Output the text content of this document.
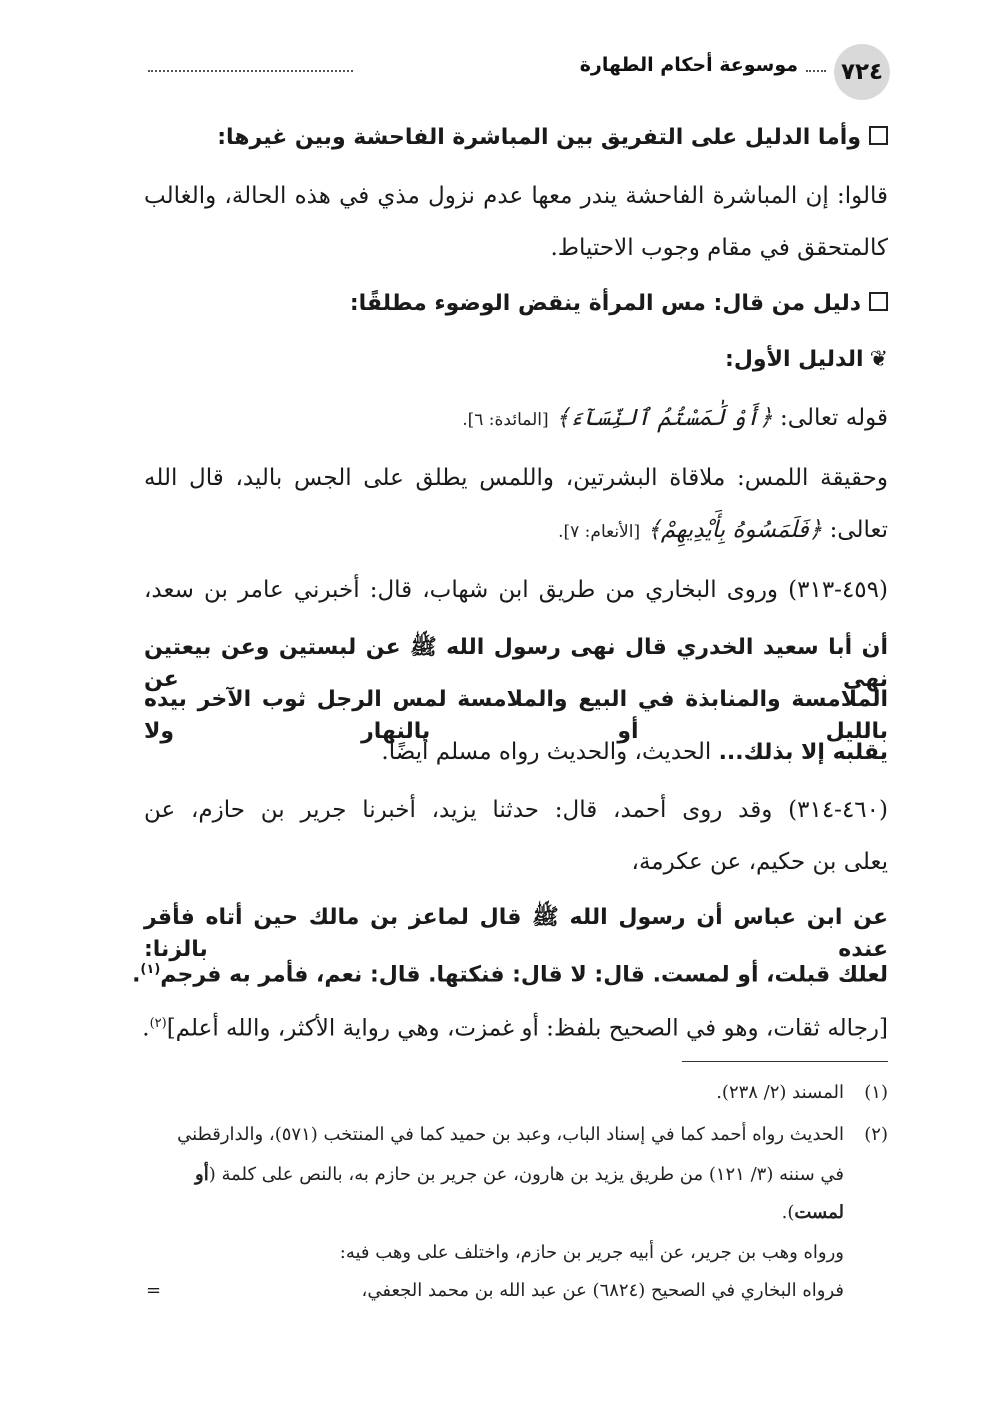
٧٢٤
موسوعة أحكام الطهارة

وأما الدليل على التفريق بين المباشرة الفاحشة وبين غيرها:

قالوا: إن المباشرة الفاحشة يندر معها عدم نزول مذي في هذه الحالة، والغالب

كالمتحقق في مقام وجوب الاحتياط.

دليل من قال: مس المرأة ينقض الوضوء مطلقًا:

❦الدليل الأول:

قوله تعالى: ﴿أَوْ لَٰمَسْتُمُ ٱلنِّسَآءَ﴾ [المائدة: ٦].

وحقيقة اللمس: ملاقاة البشرتين، واللمس يطلق على الجس باليد، قال الله

تعالى: ﴿فَلَمَسُوهُ بِأَيْدِيهِمْ﴾ [الأنعام: ٧].

(٤٥٩-٣١٣) وروى البخاري من طريق ابن شهاب، قال: أخبرني عامر بن سعد،

أن أبا سعيد الخدري قال نهى رسول الله ﷺ عن لبستين وعن بيعتين نهى عن

الملامسة والمنابذة في البيع والملامسة لمس الرجل ثوب الآخر بيده بالليل أو بالنهار ولا

يقلبه إلا بذلك... الحديث، والحديث رواه مسلم أيضًا.

(٤٦٠-٣١٤) وقد روى أحمد، قال: حدثنا يزيد، أخبرنا جرير بن حازم، عن

يعلى بن حكيم، عن عكرمة،

عن ابن عباس أن رسول الله ﷺ قال لماعز بن مالك حين أتاه فأقر عنده بالزنا:

لعلك قبلت، أو لمست. قال: لا قال: فنكتها. قال: نعم، فأمر به فرجم$^{(١)}$.

[رجاله ثقات، وهو في الصحيح بلفظ: أو غمزت، وهي رواية الأكثر، والله أعلم]$^{(٢)}$.

(١)المسند (٢/ ٢٣٨).
(٢)الحديث رواه أحمد كما في إسناد الباب، وعبد بن حميد كما في المنتخب (٥٧١)، والدارقطني
في سننه (٣/ ١٢١) من طريق يزيد بن هارون، عن جرير بن حازم به، بالنص على كلمة (أو
لمست).
ورواه وهب بن جرير، عن أبيه جرير بن حازم، واختلف على وهب فيه:
فرواه البخاري في الصحيح (٦٨٢٤) عن عبد الله بن محمد الجعفي،
=
